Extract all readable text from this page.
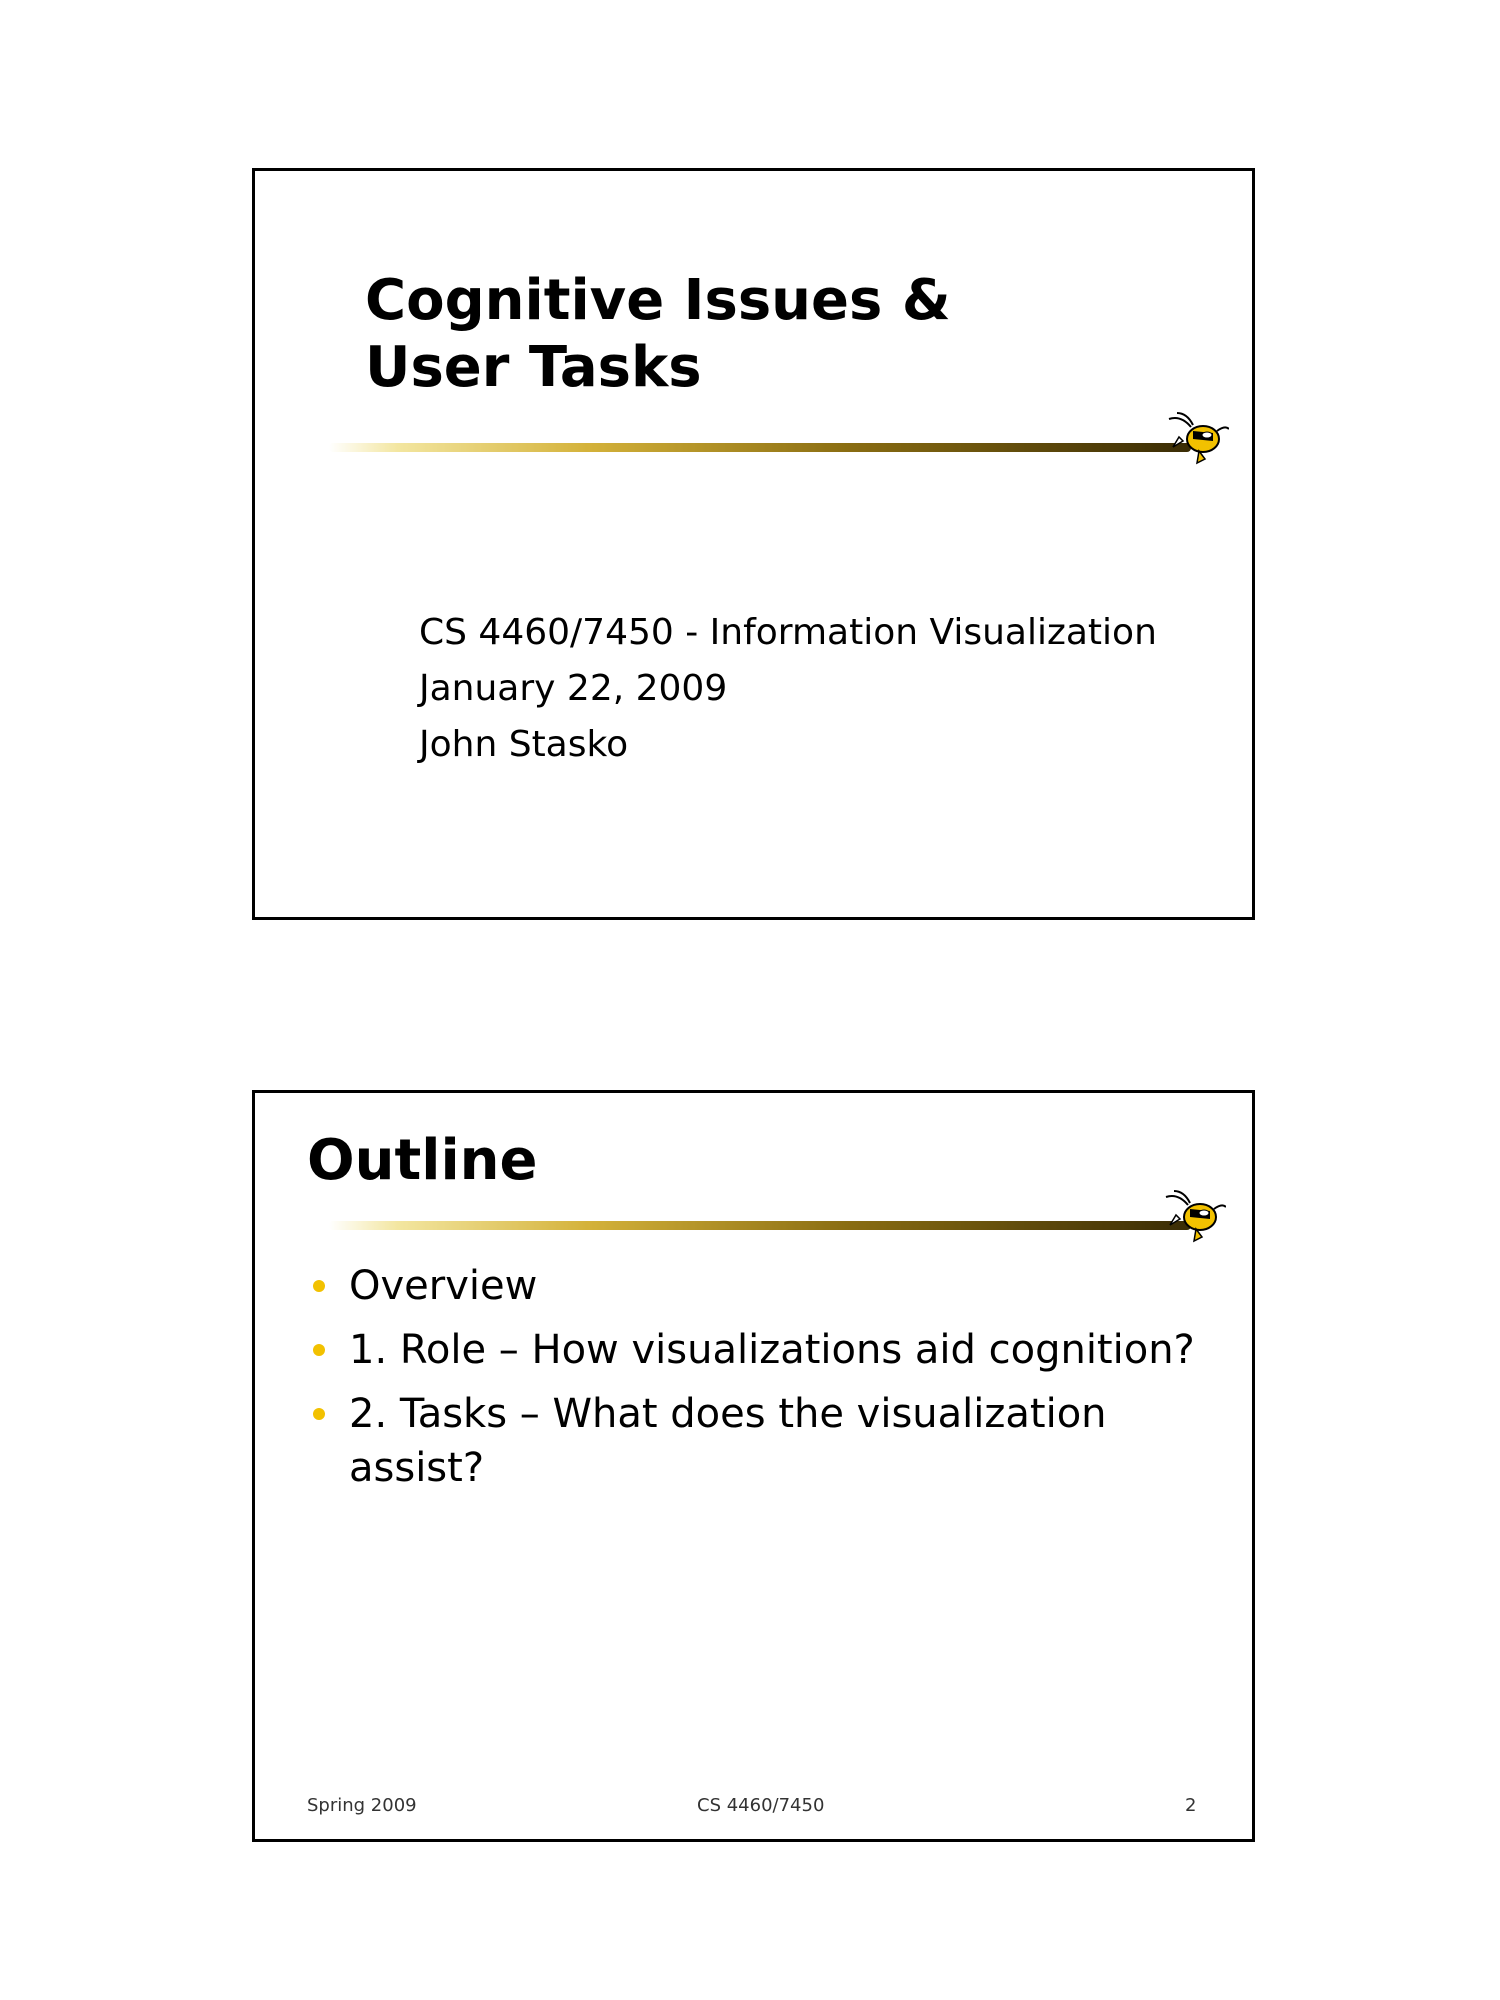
Cognitive Issues &
User Tasks
CS 4460/7450 - Information Visualization
January 22, 2009
John Stasko
Outline
Overview
1. Role – How visualizations aid cognition?
2. Tasks – What does the visualization assist?
Spring 2009	CS 4460/7450	2
